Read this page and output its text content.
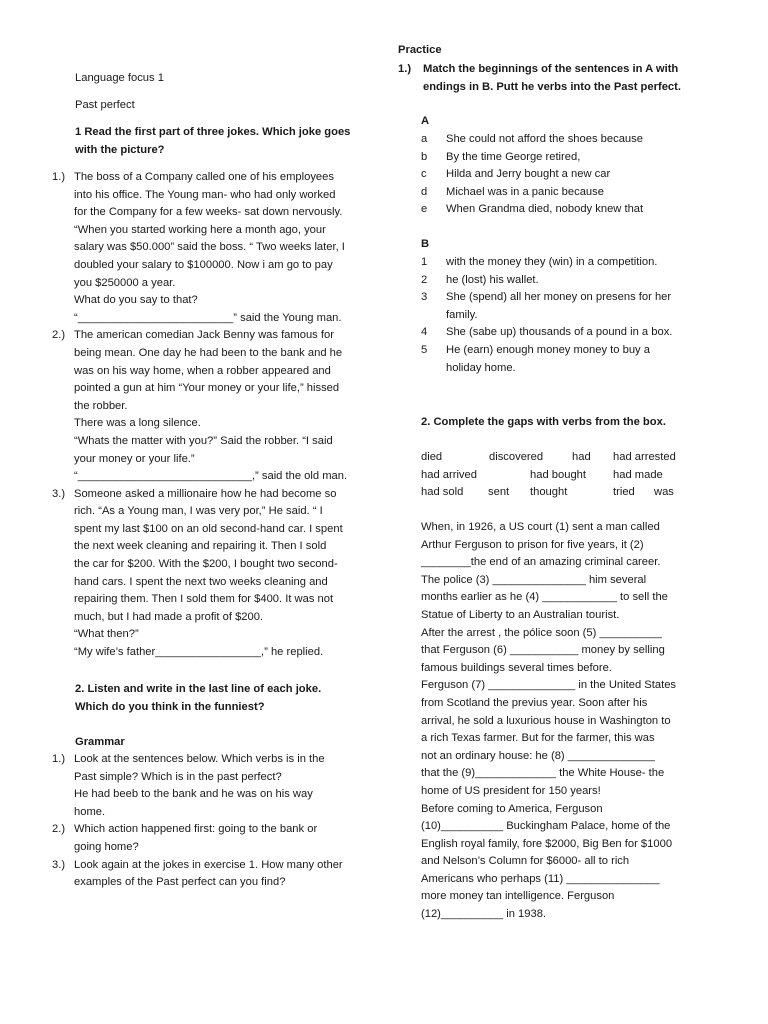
Language focus 1

Past perfect

1 Read the first part of three jokes. Which joke goes with the picture?

1.) The boss of a Company called one of his employees
into his office. The Young man- who had only worked
for the Company for a few weeks- sat down nervously.
“When you started working here a month ago, your
salary was $50.000” said the boss. “ Two weeks later, I
doubled your salary to $100000. Now i am go to pay
you $250000 a year.
What do you say to that?
“_________________________” said the Young man.
2.) The american comedian Jack Benny was famous for
being mean. One day he had been to the bank and he
was on his way home, when a robber appeared and
pointed a gun at him “Your money or your life,” hissed
the robber.
There was a long silence.
“Whats the matter with you?” Said the robber. “I said
your money or your life.”
“____________________________,” said the old man.
3.) Someone asked a millionaire how he had become so
rich. “As a Young man, I was very por,” He said. “ I
spent my last $100 on an old second-hand car. I spent
the next week cleaning and repairing it. Then I sold
the car for $200. With the $200, I bought two second-
hand cars. I spent the next two weeks cleaning and
repairing them. Then I sold them for $400. It was not
much, but I had made a profit of $200.
“What then?”
“My wife’s father_________________,” he replied.
2. Listen and write in the last line of each joke.
Which do you think in the funniest?

Grammar

1.) Look at the sentences below. Which verbs is in the
Past simple? Which is in the past perfect?
He had beeb to the bank and he was on his way
home.
2.) Which action happened first: going to the bank or
going home?
3.) Look again at the jokes in exercise 1. How many other
examples of the Past perfect can you find?

Practice

1.) Match the beginnings of the sentences in A with
endings in B. Putt he verbs into the Past perfect.

A

a She could not afford the shoes because
b By the time George retired,
c Hilda and Jerry bought a new car
d Michael was in a panic because
e When Grandma died, nobody knew that

B

1 with the money they (win) in a competition.
2 he (lost) his wallet.
3 She (spend) all her money on presens for her
family.
4 She (sabe up) thousands of a pound in a box.
5 He (earn) enough money money to buy a
holiday home.

2. Complete the gaps with verbs from the box.

died	discovered	had	had arrested
had arrived	had bought	had made
had sold	sent	thought	tried	was
When, in 1926, a US court (1) sent a man called
Arthur Ferguson to prison for five years, it (2)
________the end of an amazing criminal career.
The police (3) _______________ him several
months earlier as he (4) ____________ to sell the
Statue of Liberty to an Australian tourist.
After the arrest , the pólice soon (5) __________
that Ferguson (6) ___________ money by selling
famous buildings several times before.
Ferguson (7) ______________ in the United States
from Scotland the previus year. Soon after his
arrival, he sold a luxurious house in Washington to
a rich Texas farmer. But for the farmer, this was
not an ordinary house: he (8) ______________
that the (9)_____________ the White House- the
home of US president for 150 years!
Before coming to America, Ferguson
(10)__________ Buckingham Palace, home of the
English royal family, fore $2000, Big Ben for $1000
and Nelson’s Column for $6000- all to rich
Americans who perhaps (11) _______________
more money tan intelligence. Ferguson
(12)__________ in 1938.
